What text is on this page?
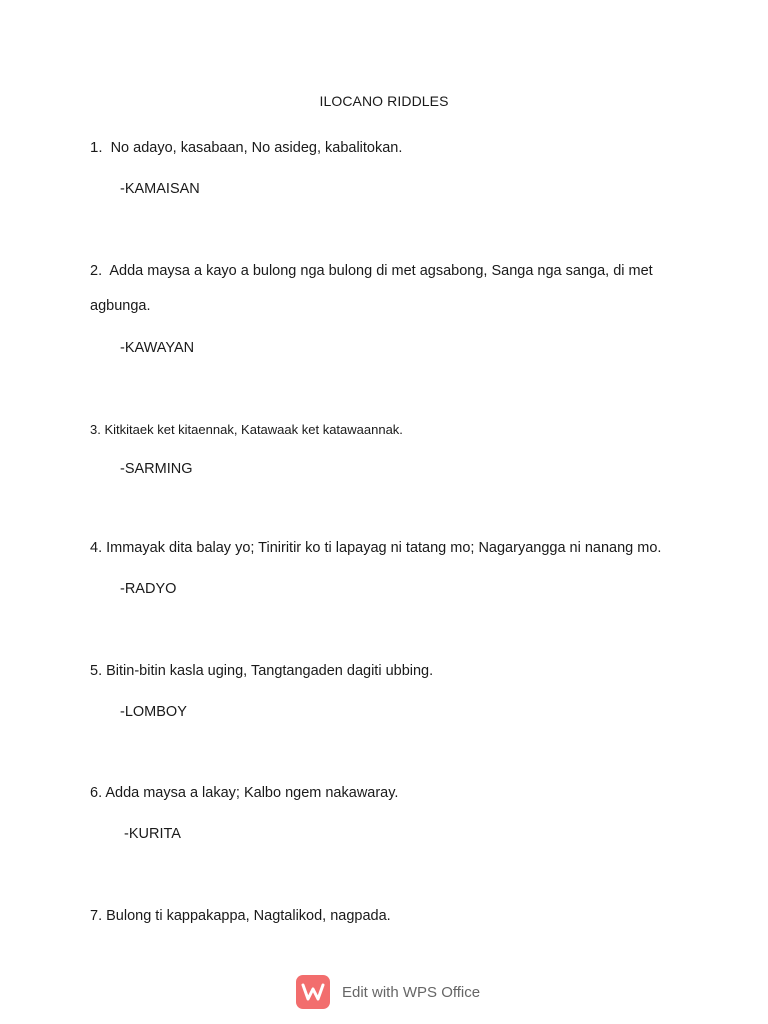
ILOCANO RIDDLES
1. No adayo, kasabaan, No asideg, kabalitokan.
-KAMAISAN
2. Adda maysa a kayo a bulong nga bulong di met agsabong, Sanga nga sanga, di met
agbunga.
-KAWAYAN
3. Kitkitaek ket kitaennak, Katawaak ket katawaannak.
-SARMING
4. Immayak dita balay yo; Tiniritir ko ti lapayag ni tatang mo; Nagaryangga ni nanang mo.
-RADYO
5. Bitin-bitin kasla uging, Tangtangaden dagiti ubbing.
-LOMBOY
6. Adda maysa a lakay; Kalbo ngem nakawaray.
-KURITA
7. Bulong ti kappakappa, Nagtalikod, nagpada.
Edit with WPS Office
